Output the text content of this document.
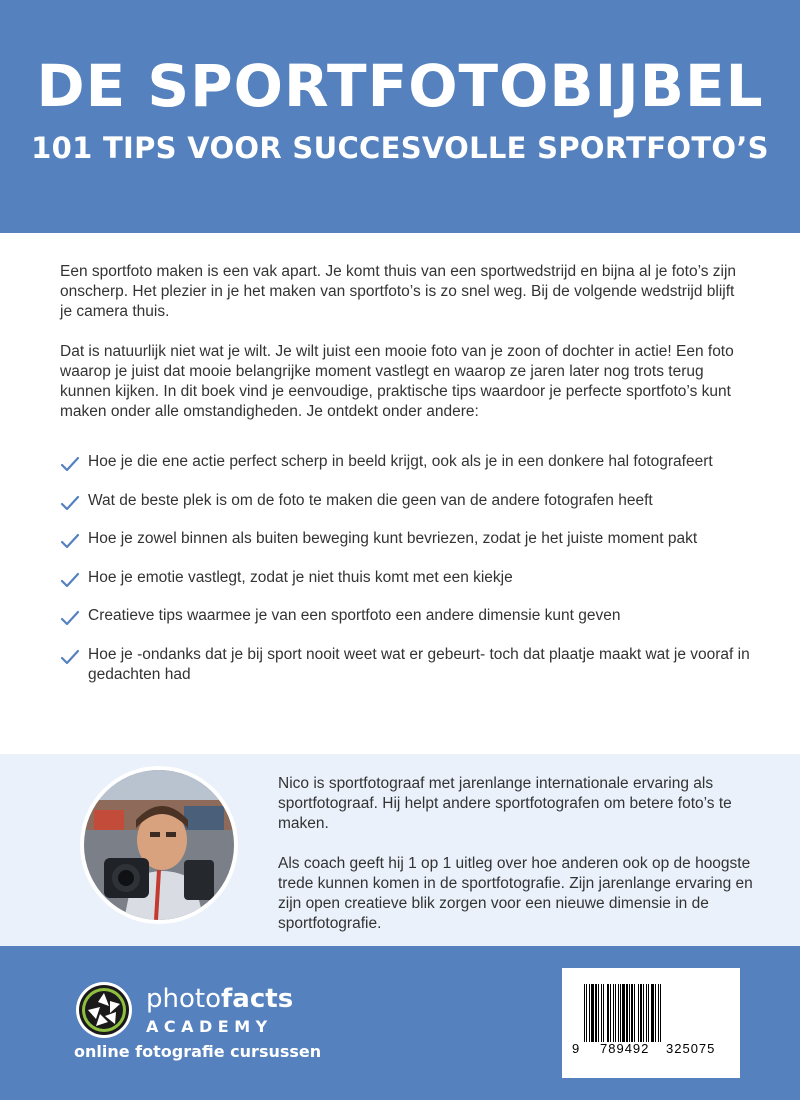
DE SPORTFOTOBIJBEL
101 TIPS VOOR SUCCESVOLLE SPORTFOTO’S

Een sportfoto maken is een vak apart. Je komt thuis van een sportwedstrijd en bijna al je foto’s zijn onscherp. Het plezier in je het maken van sportfoto’s is zo snel weg. Bij de volgende wedstrijd blijft je camera thuis.

Dat is natuurlijk niet wat je wilt. Je wilt juist een mooie foto van je zoon of dochter in actie! Een foto waarop je juist dat mooie belangrijke moment vastlegt en waarop ze jaren later nog trots terug kunnen kijken. In dit boek vind je eenvoudige, praktische tips waardoor je perfecte sportfoto’s kunt maken onder alle omstandigheden. Je ontdekt onder andere:

Hoe je die ene actie perfect scherp in beeld krijgt, ook als je in een donkere hal fotografeert
Wat de beste plek is om de foto te maken die geen van de andere fotografen heeft
Hoe je zowel binnen als buiten beweging kunt bevriezen, zodat je het juiste moment pakt
Hoe je emotie vastlegt, zodat je niet thuis komt met een kiekje
Creatieve tips waarmee je van een sportfoto een andere dimensie kunt geven
Hoe je -ondanks dat je bij sport nooit weet wat er gebeurt- toch dat plaatje maakt wat je vooraf in gedachten had

Nico is sportfotograaf met jarenlange internationale ervaring als sportfotograaf. Hij helpt andere sportfotografen om betere foto’s te maken.

Als coach geeft hij 1 op 1 uitleg over hoe anderen ook op de hoogste trede kunnen komen in de sportfotografie. Zijn jarenlange ervaring en zijn open creatieve blik zorgen voor een nieuwe dimensie in de sportfotografie.

photofacts
ACADEMY
online fotografie cursussen	9 789492 325075
